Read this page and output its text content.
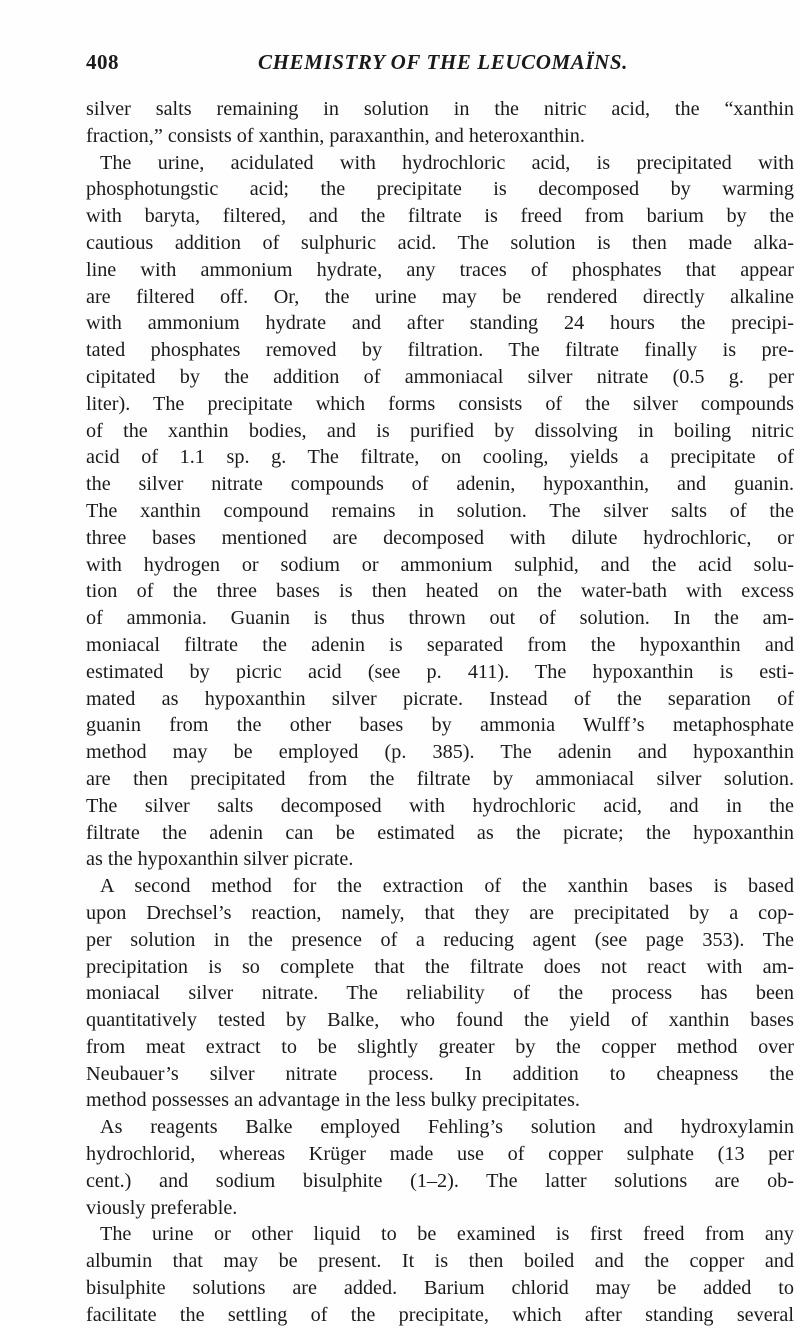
408	CHEMISTRY OF THE LEUCOMAÏNS.
silver salts remaining in solution in the nitric acid, the “xanthin
fraction,” consists of xanthin, paraxanthin, and heteroxanthin.
The urine, acidulated with hydrochloric acid, is precipitated with
phosphotungstic acid; the precipitate is decomposed by warming
with baryta, filtered, and the filtrate is freed from barium by the
cautious addition of sulphuric acid. The solution is then made alka-
line with ammonium hydrate, any traces of phosphates that appear
are filtered off. Or, the urine may be rendered directly alkaline
with ammonium hydrate and after standing 24 hours the precipi-
tated phosphates removed by filtration. The filtrate finally is pre-
cipitated by the addition of ammoniacal silver nitrate (0.5 g. per
liter). The precipitate which forms consists of the silver compounds
of the xanthin bodies, and is purified by dissolving in boiling nitric
acid of 1.1 sp. g. The filtrate, on cooling, yields a precipitate of
the silver nitrate compounds of adenin, hypoxanthin, and guanin.
The xanthin compound remains in solution. The silver salts of the
three bases mentioned are decomposed with dilute hydrochloric, or
with hydrogen or sodium or ammonium sulphid, and the acid solu-
tion of the three bases is then heated on the water-bath with excess
of ammonia. Guanin is thus thrown out of solution. In the am-
moniacal filtrate the adenin is separated from the hypoxanthin and
estimated by picric acid (see p. 411). The hypoxanthin is esti-
mated as hypoxanthin silver picrate. Instead of the separation of
guanin from the other bases by ammonia Wulff’s metaphosphate
method may be employed (p. 385). The adenin and hypoxanthin
are then precipitated from the filtrate by ammoniacal silver solution.
The silver salts decomposed with hydrochloric acid, and in the
filtrate the adenin can be estimated as the picrate; the hypoxanthin
as the hypoxanthin silver picrate.
A second method for the extraction of the xanthin bases is based
upon Drechsel’s reaction, namely, that they are precipitated by a cop-
per solution in the presence of a reducing agent (see page 353). The
precipitation is so complete that the filtrate does not react with am-
moniacal silver nitrate. The reliability of the process has been
quantitatively tested by Balke, who found the yield of xanthin bases
from meat extract to be slightly greater by the copper method over
Neubauer’s silver nitrate process. In addition to cheapness the
method possesses an advantage in the less bulky precipitates.
As reagents Balke employed Fehling’s solution and hydroxylamin
hydrochlorid, whereas Krüger made use of copper sulphate (13 per
cent.) and sodium bisulphite (1–2). The latter solutions are ob-
viously preferable.
The urine or other liquid to be examined is first freed from any
albumin that may be present. It is then boiled and the copper and
bisulphite solutions are added. Barium chlorid may be added to
facilitate the settling of the precipitate, which after standing several
